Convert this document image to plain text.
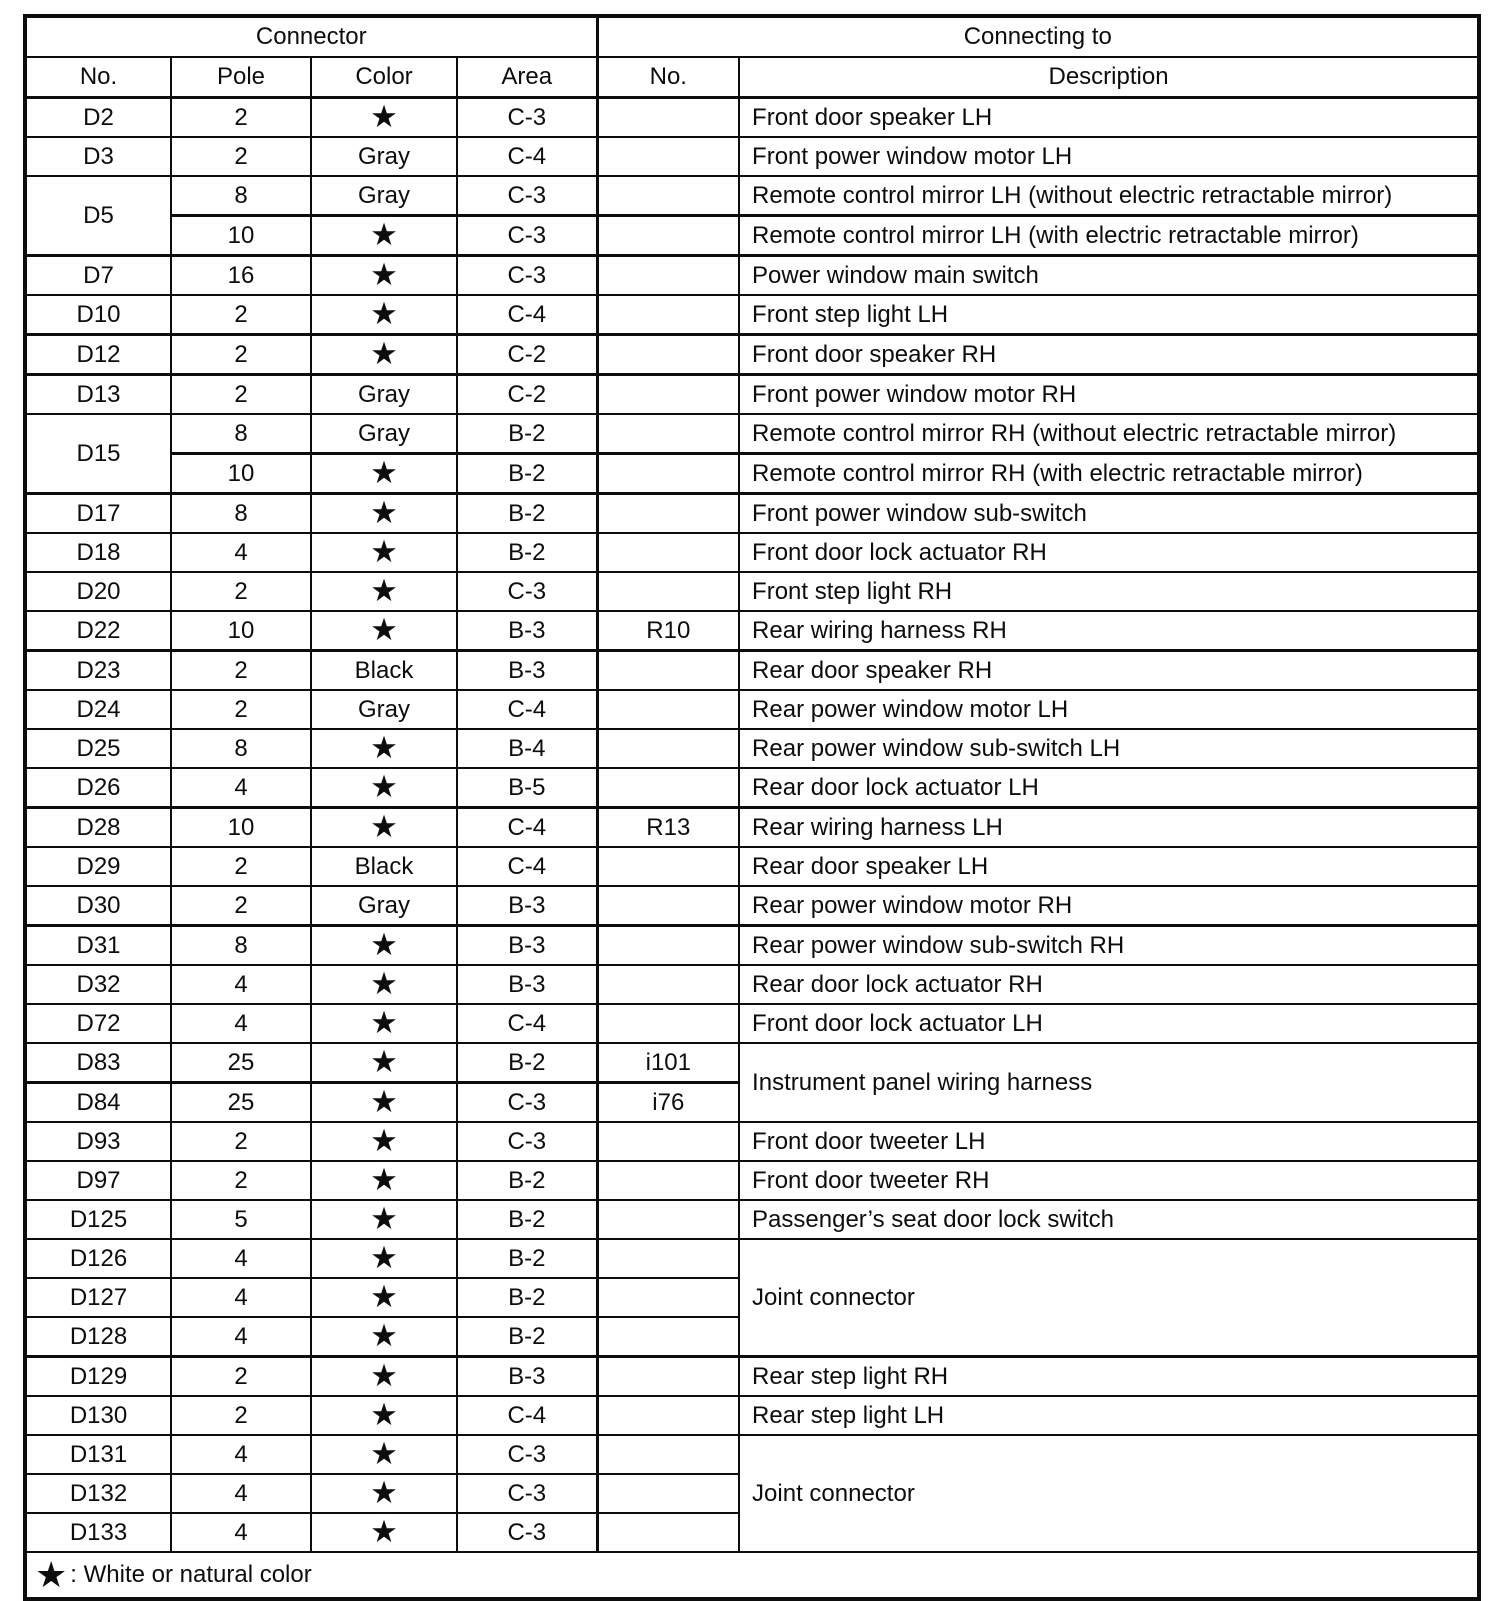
Connector				Connecting to	
No.	Pole	Color	Area	No.	Description
D2	2	★	C-3		Front door speaker LH
D3	2	Gray	C-4		Front power window motor LH
D5	8	Gray	C-3		Remote control mirror LH (without electric retractable mirror)
	10	★	C-3		Remote control mirror LH (with electric retractable mirror)
D7	16	★	C-3		Power window main switch
D10	2	★	C-4		Front step light LH
D12	2	★	C-2		Front door speaker RH
D13	2	Gray	C-2		Front power window motor RH
D15	8	Gray	B-2		Remote control mirror RH (without electric retractable mirror)
	10	★	B-2		Remote control mirror RH (with electric retractable mirror)
D17	8	★	B-2		Front power window sub-switch
D18	4	★	B-2		Front door lock actuator RH
D20	2	★	C-3		Front step light RH
D22	10	★	B-3	R10	Rear wiring harness RH
D23	2	Black	B-3		Rear door speaker RH
D24	2	Gray	C-4		Rear power window motor LH
D25	8	★	B-4		Rear power window sub-switch LH
D26	4	★	B-5		Rear door lock actuator LH
D28	10	★	C-4	R13	Rear wiring harness LH
D29	2	Black	C-4		Rear door speaker LH
D30	2	Gray	B-3		Rear power window motor RH
D31	8	★	B-3		Rear power window sub-switch RH
D32	4	★	B-3		Rear door lock actuator RH
D72	4	★	C-4		Front door lock actuator LH
D83	25	★	B-2	i101	Instrument panel wiring harness
D84	25	★	C-3	i76	
D93	2	★	C-3		Front door tweeter LH
D97	2	★	B-2		Front door tweeter RH
D125	5	★	B-2		Passenger’s seat door lock switch
D126	4	★	B-2		Joint connector
D127	4	★	B-2		
D128	4	★	B-2		
D129	2	★	B-3		Rear step light RH
D130	2	★	C-4		Rear step light LH
D131	4	★	C-3		Joint connector
D132	4	★	C-3		
D133	4	★	C-3		
★ : White or natural color					
